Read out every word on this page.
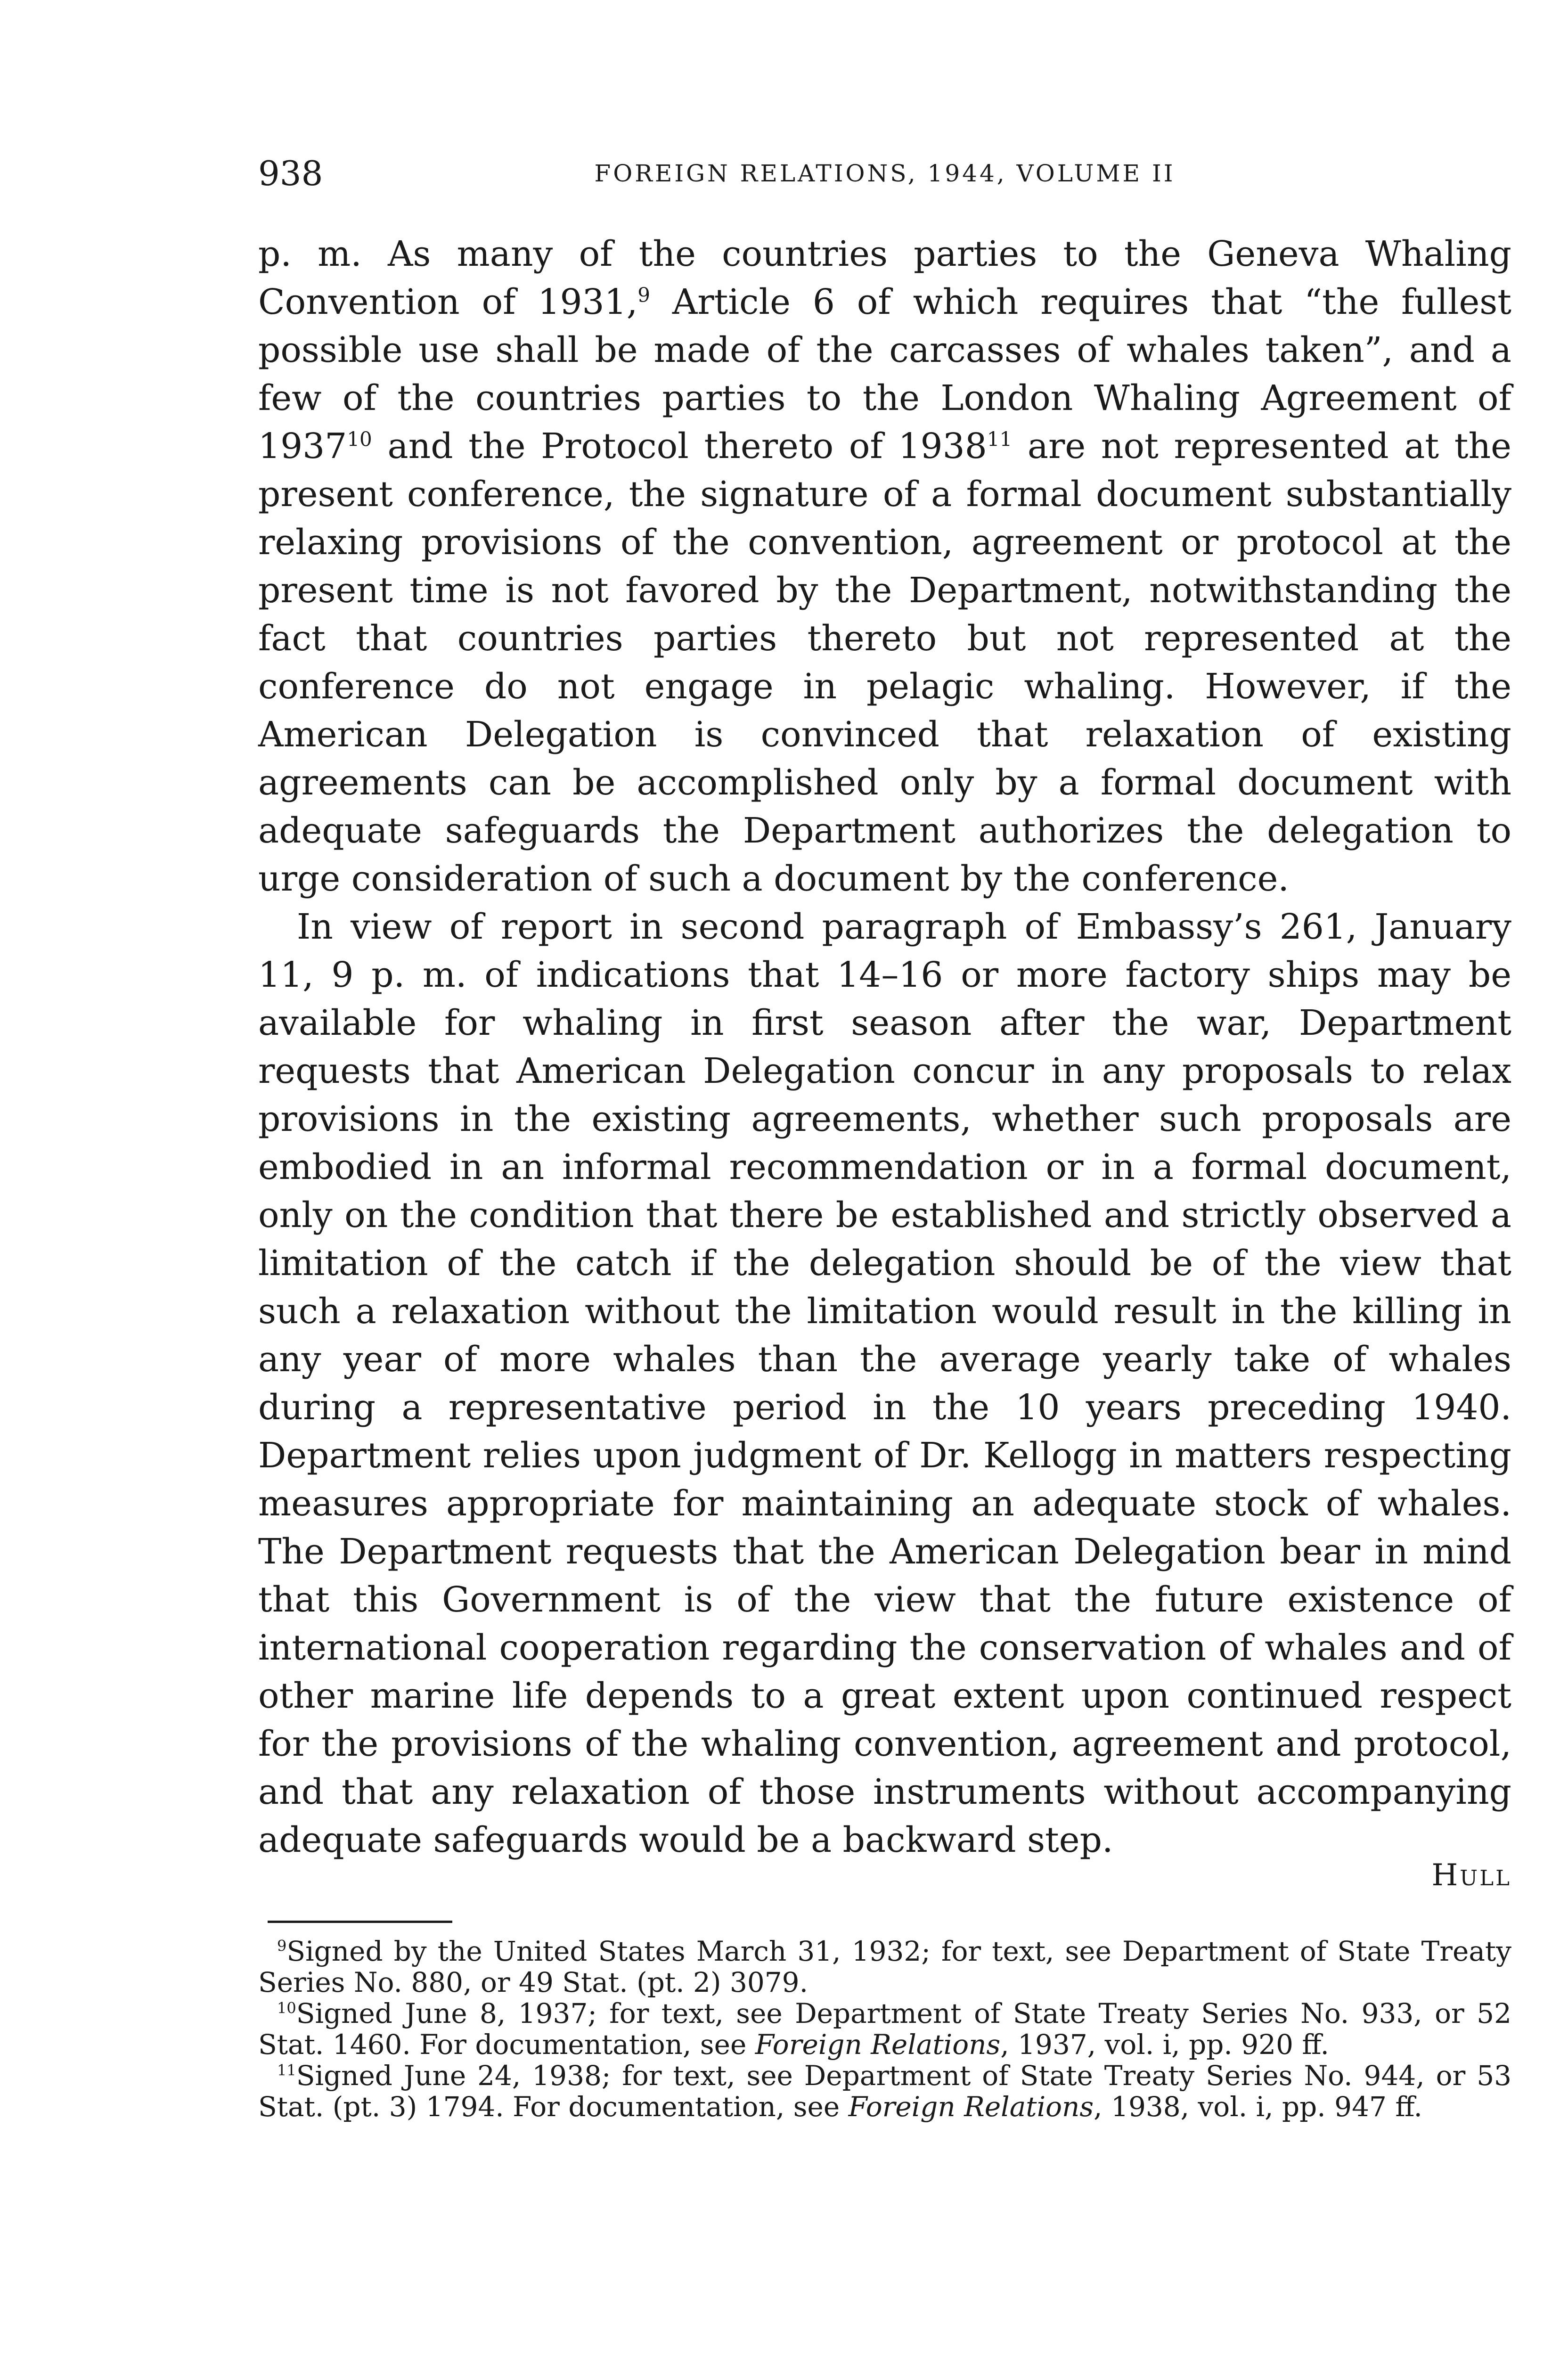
938	FOREIGN RELATIONS, 1944, VOLUME II

p. m. As many of the countries parties to the Geneva Whaling Convention of 1931,$^9$ Article 6 of which requires that “the fullest possible use shall be made of the carcasses of whales taken”, and a few of the countries parties to the London Whaling Agreement of 1937$^{10}$ and the Protocol thereto of 1938$^{11}$ are not represented at the present conference, the signature of a formal document substantially relaxing provisions of the convention, agreement or protocol at the present time is not favored by the Department, notwithstanding the fact that countries parties thereto but not represented at the conference do not engage in pelagic whaling. However, if the American Delegation is convinced that relaxation of existing agreements can be accomplished only by a formal document with adequate safeguards the Department authorizes the delegation to urge consideration of such a document by the conference.

In view of report in second paragraph of Embassy’s 261, January 11, 9 p. m. of indications that 14–16 or more factory ships may be available for whaling in first season after the war, Department requests that American Delegation concur in any proposals to relax provisions in the existing agreements, whether such proposals are embodied in an informal recommendation or in a formal document, only on the condition that there be established and strictly observed a limitation of the catch if the delegation should be of the view that such a relaxation without the limitation would result in the killing in any year of more whales than the average yearly take of whales during a representative period in the 10 years preceding 1940. Department relies upon judgment of Dr. Kellogg in matters respecting measures appropriate for maintaining an adequate stock of whales. The Department requests that the American Delegation bear in mind that this Government is of the view that the future existence of international cooperation regarding the conservation of whales and of other marine life depends to a great extent upon continued respect for the provisions of the whaling convention, agreement and protocol, and that any relaxation of those instruments without accompanying adequate safeguards would be a backward step.

Hull

$^9$Signed by the United States March 31, 1932; for text, see Department of State Treaty Series No. 880, or 49 Stat. (pt. 2) 3079.

$^{10}$Signed June 8, 1937; for text, see Department of State Treaty Series No. 933, or 52 Stat. 1460. For documentation, see Foreign Relations, 1937, vol. i, pp. 920 ff.

$^{11}$Signed June 24, 1938; for text, see Department of State Treaty Series No. 944, or 53 Stat. (pt. 3) 1794. For documentation, see Foreign Relations, 1938, vol. i, pp. 947 ff.
